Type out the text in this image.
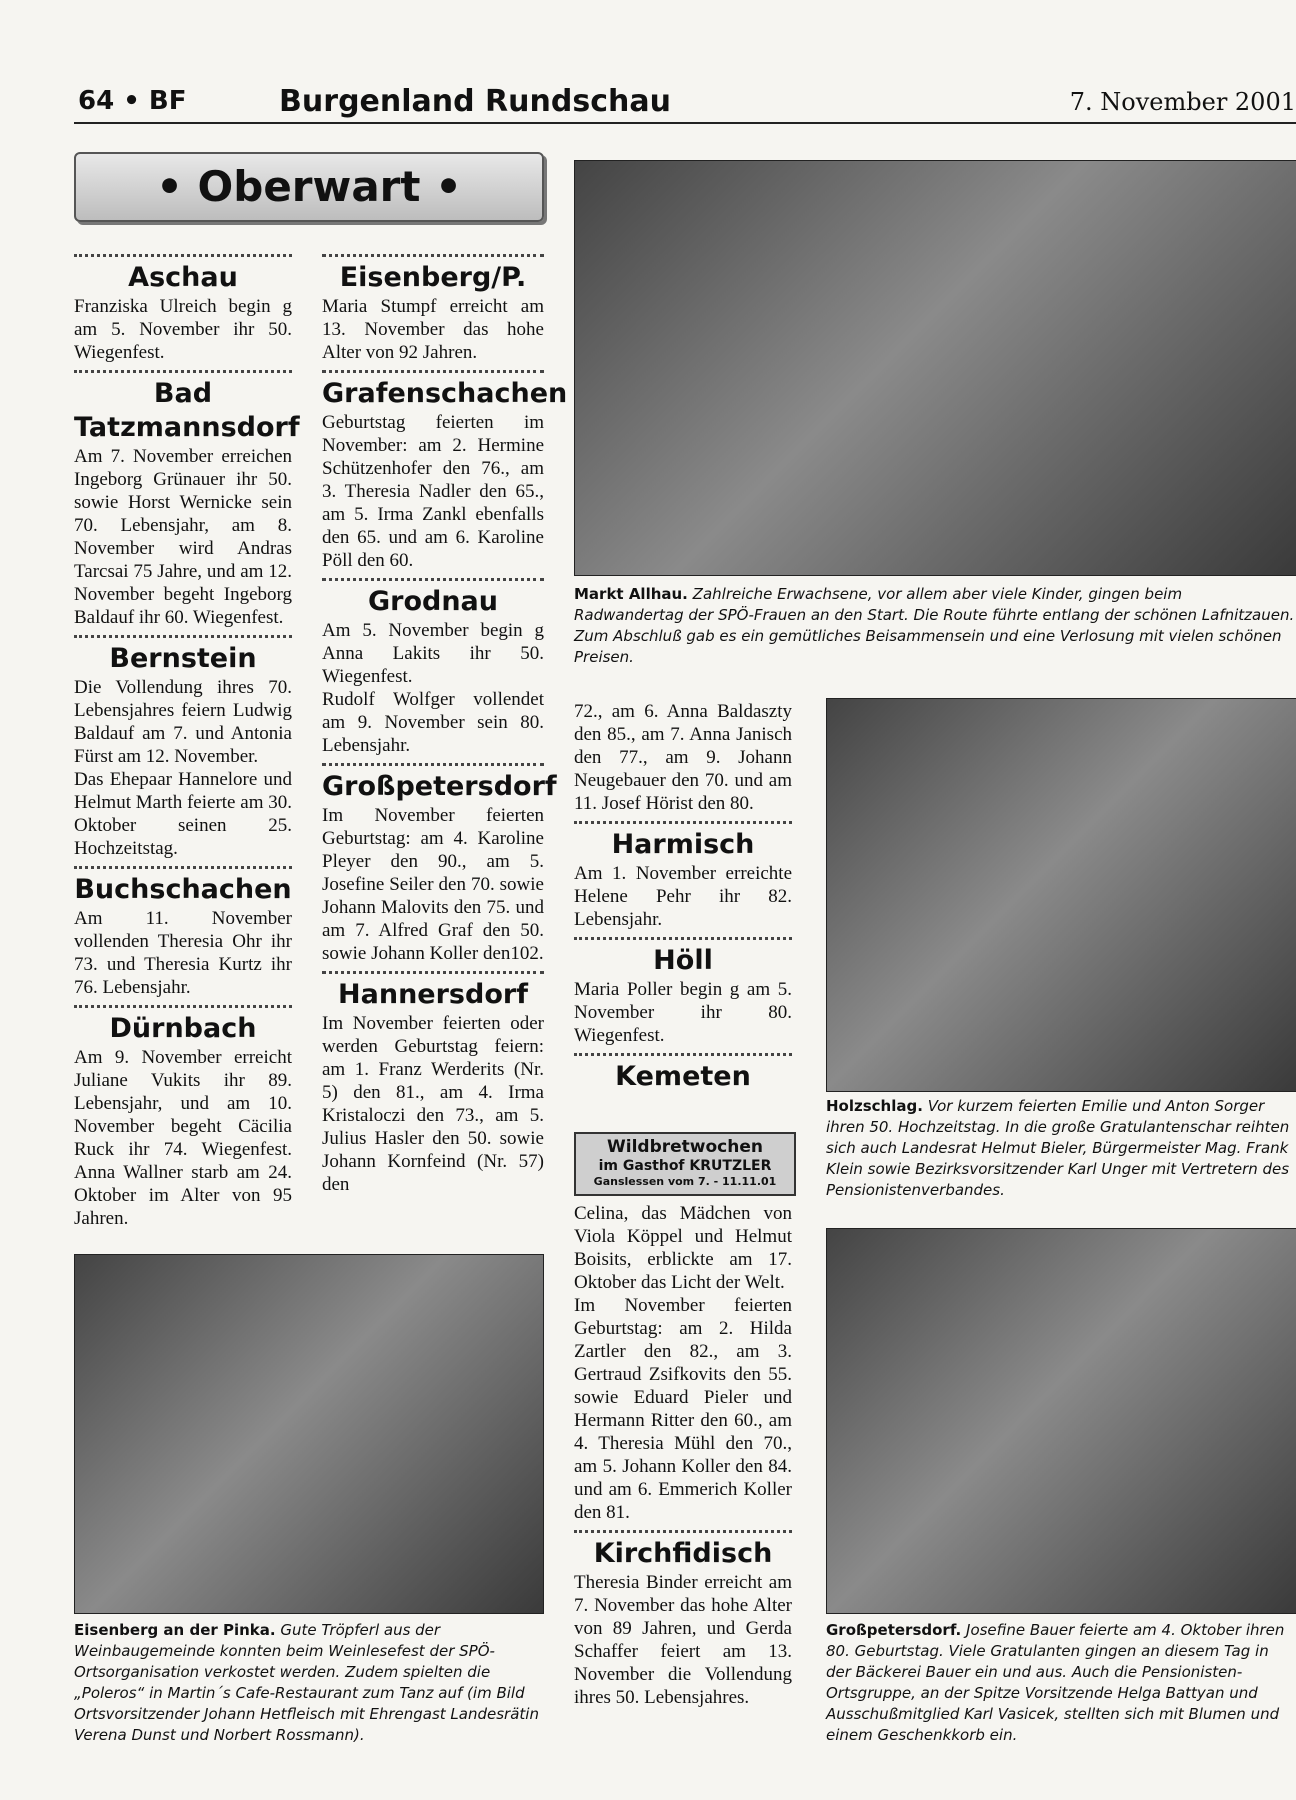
64 • BF	Burgenland Rundschau	7. November 2001
• Oberwart •
Aschau
Franziska Ulreich begin g am 5. November ihr 50. Wiegenfest.
Bad Tatzmannsdorf
Am 7. November erreichen Ingeborg Grünauer ihr 50. sowie Horst Wernicke sein 70. Lebensjahr, am 8. November wird Andras Tarcsai 75 Jahre, und am 12. November begeht Ingeborg Baldauf ihr 60. Wiegenfest.
Bernstein
Die Vollendung ihres 70. Lebensjahres feiern Ludwig Baldauf am 7. und Antonia Fürst am 12. November.
Das Ehepaar Hannelore und Helmut Marth feierte am 30. Oktober seinen 25. Hochzeitstag.
Buchschachen
Am 11. November vollenden Theresia Ohr ihr 73. und Theresia Kurtz ihr 76. Lebensjahr.
Dürnbach
Am 9. November erreicht Juliane Vukits ihr 89. Lebensjahr, und am 10. November begeht Cäcilia Ruck ihr 74. Wiegenfest. Anna Wallner starb am 24. Oktober im Alter von 95 Jahren.
Eisenberg/P.
Maria Stumpf erreicht am 13. November das hohe Alter von 92 Jahren.
Grafenschachen
Geburtstag feierten im November: am 2. Hermine Schützenhofer den 76., am 3. Theresia Nadler den 65., am 5. Irma Zankl ebenfalls den 65. und am 6. Karoline Pöll den 60.
Grodnau
Am 5. November begin g Anna Lakits ihr 50. Wiegenfest.
Rudolf Wolfger vollendet am 9. November sein 80. Lebensjahr.
Großpetersdorf
Im November feierten Geburtstag: am 4. Karoline Pleyer den 90., am 5. Josefine Seiler den 70. sowie Johann Malovits den 75. und am 7. Alfred Graf den 50. sowie Johann Koller den102.
Hannersdorf
Im November feierten oder werden Geburtstag feiern: am 1. Franz Werderits (Nr. 5) den 81., am 4. Irma Kristaloczi den 73., am 5. Julius Hasler den 50. sowie Johann Kornfeind (Nr. 57) den
Markt Allhau. Zahlreiche Erwachsene, vor allem aber viele Kinder, gingen beim Radwandertag der SPÖ-Frauen an den Start. Die Route führte entlang der schönen Lafnitzauen. Zum Abschluß gab es ein gemütliches Beisammensein und eine Verlosung mit vielen schönen Preisen.
72., am 6. Anna Baldaszty den 85., am 7. Anna Janisch den 77., am 9. Johann Neugebauer den 70. und am 11. Josef Hörist den 80.
Harmisch
Am 1. November erreichte Helene Pehr ihr 82. Lebensjahr.
Höll
Maria Poller begin g am 5. November ihr 80. Wiegenfest.
Kemeten
Wildbretwochen
im Gasthof KRUTZLER
Ganslessen vom 7. - 11.11.01
Celina, das Mädchen von Viola Köppel und Helmut Boisits, erblickte am 17. Oktober das Licht der Welt.
Im November feierten Geburtstag: am 2. Hilda Zartler den 82., am 3. Gertraud Zsifkovits den 55. sowie Eduard Pieler und Hermann Ritter den 60., am 4. Theresia Mühl den 70., am 5. Johann Koller den 84. und am 6. Emmerich Koller den 81.
Kirchfidisch
Theresia Binder erreicht am 7. November das hohe Alter von 89 Jahren, und Gerda Schaffer feiert am 13. November die Vollendung ihres 50. Lebensjahres.
Holzschlag. Vor kurzem feierten Emilie und Anton Sorger ihren 50. Hochzeitstag. In die große Gratulantenschar reihten sich auch Landesrat Helmut Bieler, Bürgermeister Mag. Frank Klein sowie Bezirksvorsitzender Karl Unger mit Vertretern des Pensionistenverbandes.
Eisenberg an der Pinka. Gute Tröpferl aus der Weinbaugemeinde konnten beim Weinlesefest der SPÖ-Ortsorganisation verkostet werden. Zudem spielten die „Poleros“ in Martin´s Cafe-Restaurant zum Tanz auf (im Bild Ortsvorsitzender Johann Hetfleisch mit Ehrengast Landesrätin Verena Dunst und Norbert Rossmann).
Großpetersdorf. Josefine Bauer feierte am 4. Oktober ihren 80. Geburtstag. Viele Gratulanten gingen an diesem Tag in der Bäckerei Bauer ein und aus. Auch die Pensionisten-Ortsgruppe, an der Spitze Vorsitzende Helga Battyan und Ausschußmitglied Karl Vasicek, stellten sich mit Blumen und einem Geschenkkorb ein.
